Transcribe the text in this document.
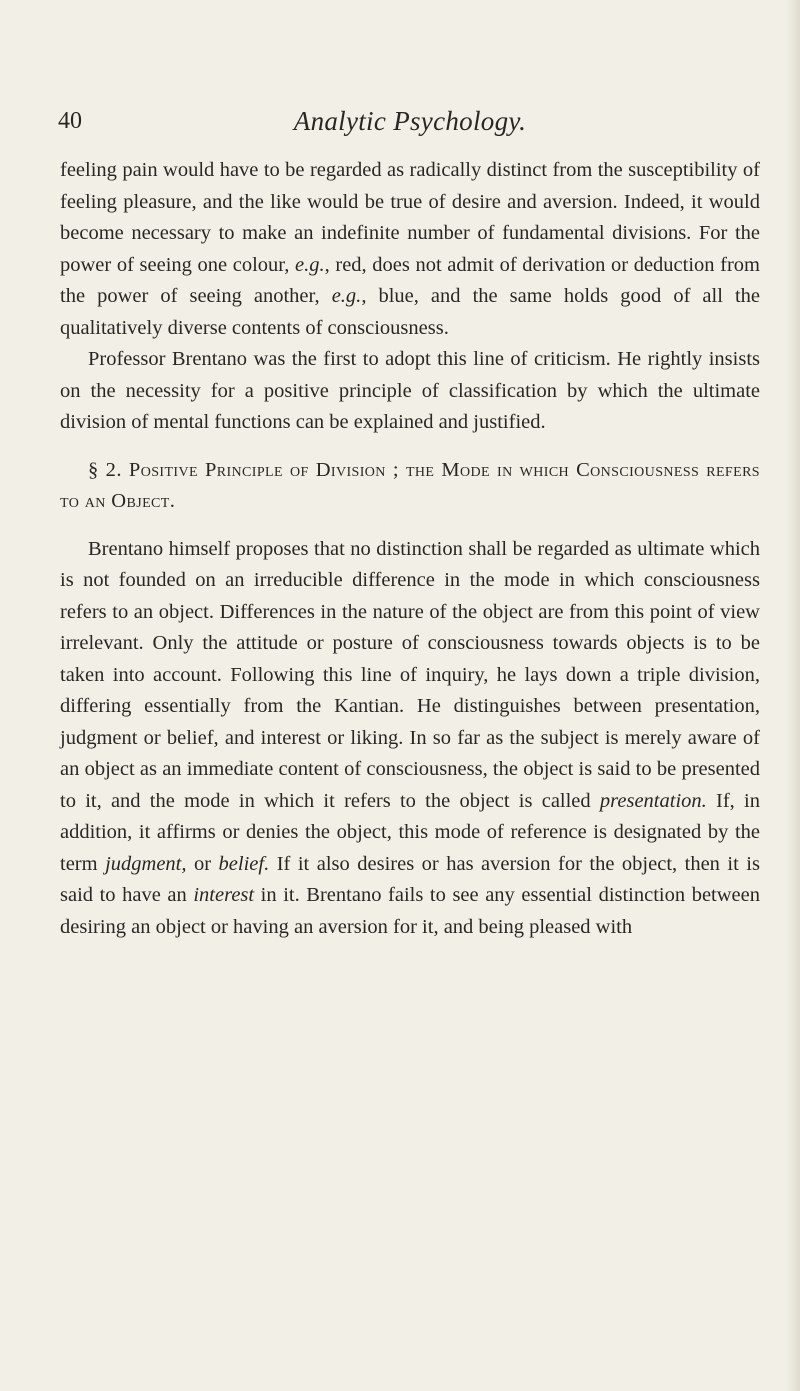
40	Analytic Psychology.

feeling pain would have to be regarded as radically distinct from the susceptibility of feeling pleasure, and the like would be true of desire and aversion. Indeed, it would become necessary to make an indefinite number of fundamental divisions. For the power of seeing one colour, e.g., red, does not admit of derivation or deduction from the power of seeing another, e.g., blue, and the same holds good of all the qualitatively diverse contents of consciousness.

Professor Brentano was the first to adopt this line of criticism. He rightly insists on the necessity for a positive principle of classification by which the ultimate division of mental functions can be explained and justified.

§ 2. Positive Principle of Division ; the Mode in which Consciousness refers to an Object.

Brentano himself proposes that no distinction shall be regarded as ultimate which is not founded on an irreducible difference in the mode in which consciousness refers to an object. Differences in the nature of the object are from this point of view irrelevant. Only the attitude or posture of consciousness towards objects is to be taken into account. Following this line of inquiry, he lays down a triple division, differing essentially from the Kantian. He distinguishes between presentation, judgment or belief, and interest or liking. In so far as the subject is merely aware of an object as an immediate content of consciousness, the object is said to be presented to it, and the mode in which it refers to the object is called presentation. If, in addition, it affirms or denies the object, this mode of reference is designated by the term judgment, or belief. If it also desires or has aversion for the object, then it is said to have an interest in it. Brentano fails to see any essential distinction between desiring an object or having an aversion for it, and being pleased with
